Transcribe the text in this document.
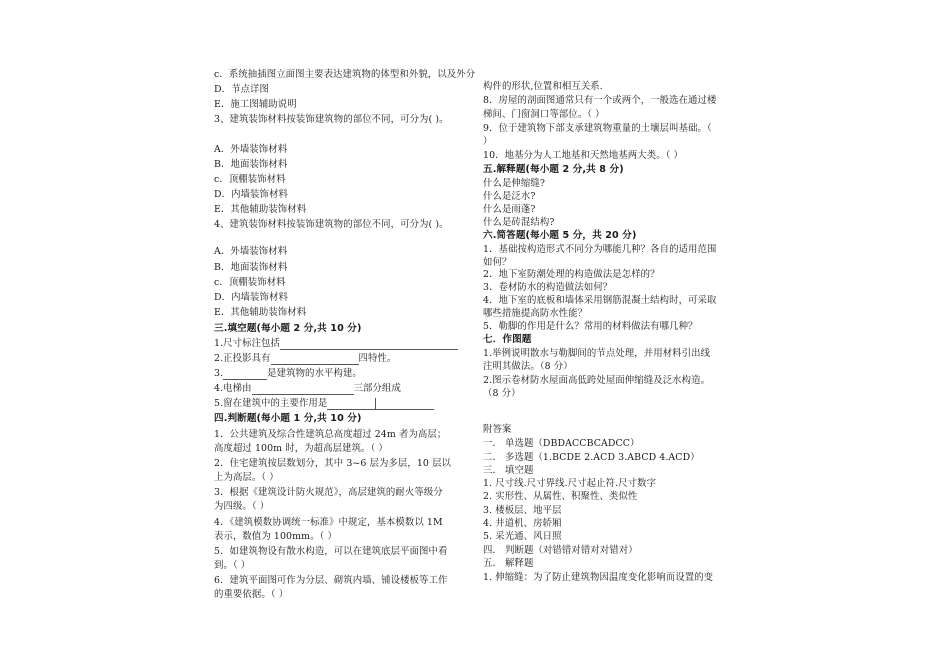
c．系统抽插图立面图主要表达建筑物的体型和外貌，以及外分
D．节点详图
E．施工图辅助说明
3、建筑装饰材料按装饰建筑物的部位不同，可分为( )。
A．外墙装饰材料
B．地面装饰材料
c．顶棚装饰材料
D．内墙装饰材料
E．其他辅助装饰材料
4、建筑装饰材料按装饰建筑物的部位不同，可分为( )。
A．外墙装饰材料
B．地面装饰材料
c．顶棚装饰材料
D．内墙装饰材料
E．其他辅助装饰材料
三.填空题(每小题 2 分,共 10 分)
1.尺寸标注包括
2.正投影具有	四特性。
3.	是建筑物的水平构建。
4.电梯由	三部分组成
5.窗在建筑中的主要作用是
四.判断题(每小题 1 分,共 10 分)
1．公共建筑及综合性建筑总高度超过 24m 者为高层；
高度超过 100m 时，为超高层建筑。（ ）
2．住宅建筑按层数划分，其中 3~6 层为多层，10 层以
上为高层。（ ）
3．根据《建筑设计防火规范》，高层建筑的耐火等级分
为四级。（ ）
4．《建筑模数协调统一标准》中规定，基本模数以 1M
表示，数值为 100mm。（ ）
5．如建筑物设有散水构造，可以在建筑底层平面图中看
到。（ ）
6．建筑平面图可作为分层、砌筑内墙、铺设楼板等工作
的重要依据。（ ）
构件的形状,位置和相互关系.
8．房屋的剖面图通常只有一个或两个，一般选在通过楼
梯间、门窗洞口等部位。（ ）
9．位于建筑物下部支承建筑物重量的土壤层叫基础。（
）
10．地基分为人工地基和天然地基两大类。（ ）
五.解释题(每小题 2 分,共 8 分)
什么是伸缩缝?
什么是泛水?
什么是雨蓬?
什么是砖混结构?
六.简答题(每小题 5 分，共 20 分)
1．基础按构造形式不同分为哪能几种？各自的适用范围
如何？
2．地下室防潮处理的构造做法是怎样的？
3．卷材防水的构造做法如何？
4．地下室的底板和墙体采用钢筋混凝土结构时，可采取
哪些措施提高防水性能？
5．勒脚的作用是什么？常用的材料做法有哪几种？
七．作图题
1.举例说明散水与勒脚间的节点处理，并用材料引出线
注明其做法。（8 分）
2.图示卷材防水屋面高低跨处屋面伸缩缝及泛水构造。
（8 分）
附答案
一． 单选题（DBDACCBCADCC）
二． 多选题（1.BCDE 2.ACD 3.ABCD 4.ACD）
三． 填空题
1. 尺寸线.尺寸界线.尺寸起止符.尺寸数字
2. 实形性、从属性、积聚性、类似性
3. 楼板层、地平层
4. 井道机、房轿厢
5. 采光通、风日照
四． 判断题（对错错对错对对错对）
五． 解释题
1. 伸缩缝：为了防止建筑物因温度变化影响而设置的变
